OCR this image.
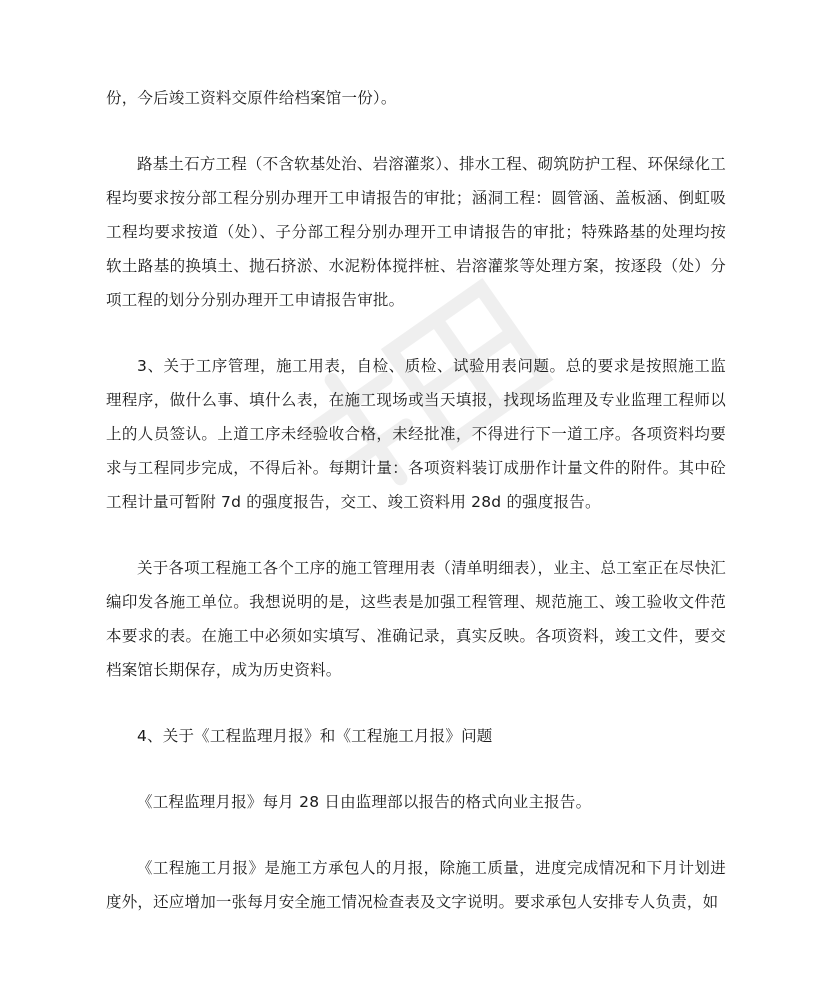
份，今后竣工资料交原件给档案馆一份）。

路基土石方工程（不含软基处治、岩溶灌浆）、排水工程、砌筑防护工程、环保绿化工程均要求按分部工程分别办理开工申请报告的审批；涵洞工程：圆管涵、盖板涵、倒虹吸工程均要求按道（处）、子分部工程分别办理开工申请报告的审批；特殊路基的处理均按软土路基的换填土、抛石挤淤、水泥粉体搅拌桩、岩溶灌浆等处理方案，按逐段（处）分项工程的划分分别办理开工申请报告审批。

3、关于工序管理，施工用表，自检、质检、试验用表问题。总的要求是按照施工监理程序，做什么事、填什么表，在施工现场或当天填报，找现场监理及专业监理工程师以上的人员签认。上道工序未经验收合格，未经批准，不得进行下一道工序。各项资料均要求与工程同步完成，不得后补。每期计量：各项资料装订成册作计量文件的附件。其中砼工程计量可暂附 7d 的强度报告，交工、竣工资料用 28d 的强度报告。

关于各项工程施工各个工序的施工管理用表（清单明细表），业主、总工室正在尽快汇编印发各施工单位。我想说明的是，这些表是加强工程管理、规范施工、竣工验收文件范本要求的表。在施工中必须如实填写、准确记录，真实反映。各项资料，竣工文件，要交档案馆长期保存，成为历史资料。

4、关于《工程监理月报》和《工程施工月报》问题

《工程监理月报》每月 28 日由监理部以报告的格式向业主报告。

《工程施工月报》是施工方承包人的月报，除施工质量，进度完成情况和下月计划进度外，还应增加一张每月安全施工情况检查表及文字说明。要求承包人安排专人负责，如
